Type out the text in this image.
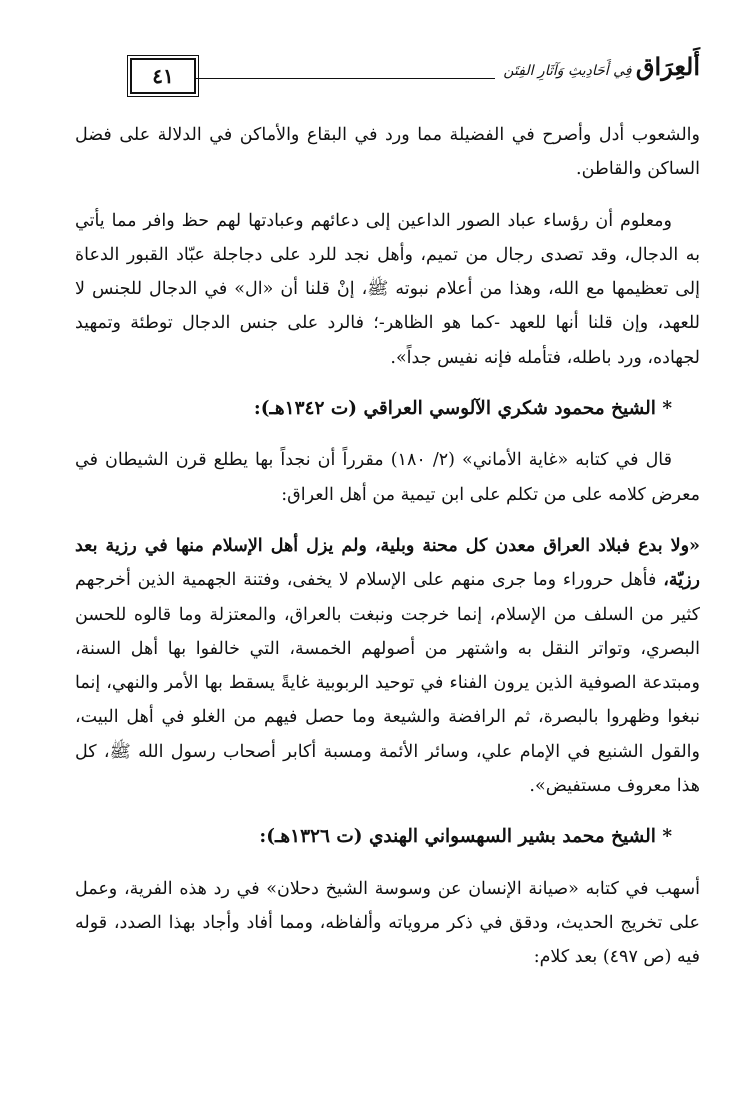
٤١	أَلعِرَاق فِي أَحَادِيثِ وَآثَارِ الفِتَن

والشعوب أدل وأصرح في الفضيلة مما ورد في البقاع والأماكن في الدلالة على فضل الساكن والقاطن.

ومعلوم أن رؤساء عباد الصور الداعين إلى دعائهم وعبادتها لهم حظ وافر مما يأتي به الدجال، وقد تصدى رجال من تميم، وأهل نجد للرد على دجاجلة عبّاد القبور الدعاة إلى تعظيمها مع الله، وهذا من أعلام نبوته ﷺ، إنْ قلنا أن «ال» في الدجال للجنس لا للعهد، وإن قلنا أنها للعهد -كما هو الظاهر-؛ فالرد على جنس الدجال توطئة وتمهيد لجهاده، ورد باطله، فتأمله فإنه نفيس جداً».

* الشيخ محمود شكري الآلوسي العراقي (ت ١٣٤٢هـ):

قال في كتابه «غاية الأماني» (٢/ ١٨٠) مقرراً أن نجداً بها يطلع قرن الشيطان في معرض كلامه على من تكلم على ابن تيمية من أهل العراق:

«ولا بدع فبلاد العراق معدن كل محنة وبلية، ولم يزل أهل الإسلام منها في رزية بعد رزيّة، فأهل حروراء وما جرى منهم على الإسلام لا يخفى، وفتنة الجهمية الذين أخرجهم كثير من السلف من الإسلام، إنما خرجت ونبغت بالعراق، والمعتزلة وما قالوه للحسن البصري، وتواتر النقل به واشتهر من أصولهم الخمسة، التي خالفوا بها أهل السنة، ومبتدعة الصوفية الذين يرون الفناء في توحيد الربوبية غايةً يسقط بها الأمر والنهي، إنما نبغوا وظهروا بالبصرة، ثم الرافضة والشيعة وما حصل فيهم من الغلو في أهل البيت، والقول الشنيع في الإمام علي، وسائر الأئمة ومسبة أكابر أصحاب رسول الله ﷺ، كل هذا معروف مستفيض».

* الشيخ محمد بشير السهسواني الهندي (ت ١٣٢٦هـ):

أسهب في كتابه «صيانة الإنسان عن وسوسة الشيخ دحلان» في رد هذه الفرية، وعمل على تخريج الحديث، ودقق في ذكر مروياته وألفاظه، ومما أفاد وأجاد بهذا الصدد، قوله فيه (ص ٤٩٧) بعد كلام:
